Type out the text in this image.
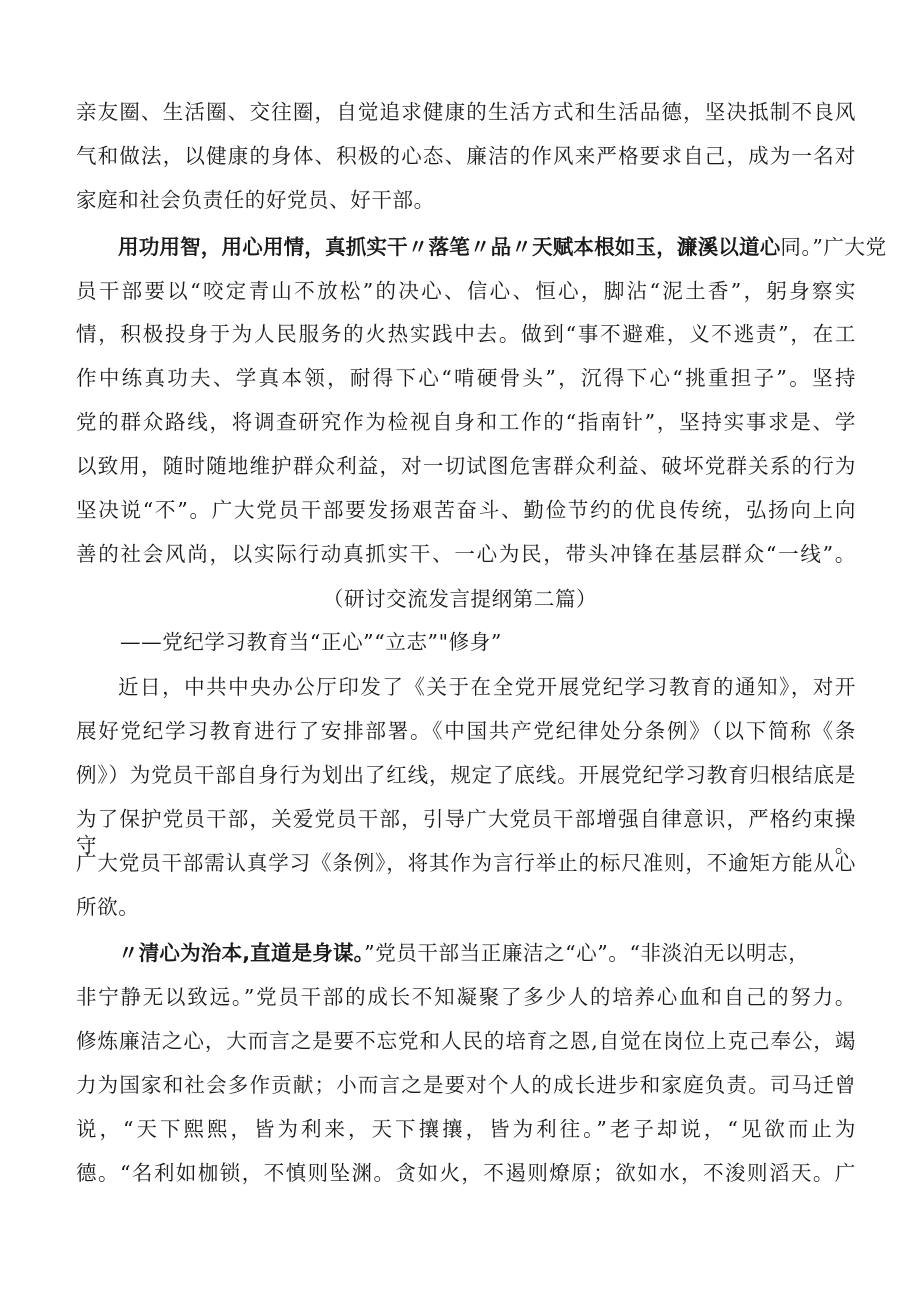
亲友圈、生活圈、交往圈，自觉追求健康的生活方式和生活品德，坚决抵制不良风
气和做法，以健康的身体、积极的心态、廉洁的作风来严格要求自己，成为一名对
家庭和社会负责任的好党员、好干部。
用功用智，用心用情，真抓实干〃落笔〃品〃天赋本根如玉，濂溪以道心同。”广大党
员干部要以“咬定青山不放松”的决心、信心、恒心，脚沾“泥土香”，躬身察实
情，积极投身于为人民服务的火热实践中去。做到“事不避难，义不逃责”，在工
作中练真功夫、学真本领，耐得下心“啃硬骨头”，沉得下心“挑重担子”。坚持
党的群众路线，将调查研究作为检视自身和工作的“指南针”，坚持实事求是、学
以致用，随时随地维护群众利益，对一切试图危害群众利益、破坏党群关系的行为
坚决说“不”。广大党员干部要发扬艰苦奋斗、勤俭节约的优良传统，弘扬向上向
善的社会风尚，以实际行动真抓实干、一心为民，带头冲锋在基层群众“一线”。
（研讨交流发言提纲第二篇）
——党纪学习教育当“正心”“立志”"修身”
近日，中共中央办公厅印发了《关于在全党开展党纪学习教育的通知》，对开
展好党纪学习教育进行了安排部署。《中国共产党纪律处分条例》（以下简称《条
例》）为党员干部自身行为划出了红线，规定了底线。开展党纪学习教育归根结底是
为了保护党员干部，关爱党员干部，引导广大党员干部增强自律意识，严格约束操守。
广大党员干部需认真学习《条例》，将其作为言行举止的标尺准则，不逾矩方能从心
所欲。
〃清心为治本,直道是身谋。”党员干部当正廉洁之“心”。“非淡泊无以明志，
非宁静无以致远。”党员干部的成长不知凝聚了多少人的培养心血和自己的努力。
修炼廉洁之心，大而言之是要不忘党和人民的培育之恩,自觉在岗位上克己奉公，竭
力为国家和社会多作贡献；小而言之是要对个人的成长进步和家庭负责。司马迁曾
说，“天下熙熙，皆为利来，天下攘攘，皆为利往。”老子却说，“见欲而止为
德。“名利如枷锁，不慎则坠渊。贪如火，不遏则燎原；欲如水，不浚则滔天。广
